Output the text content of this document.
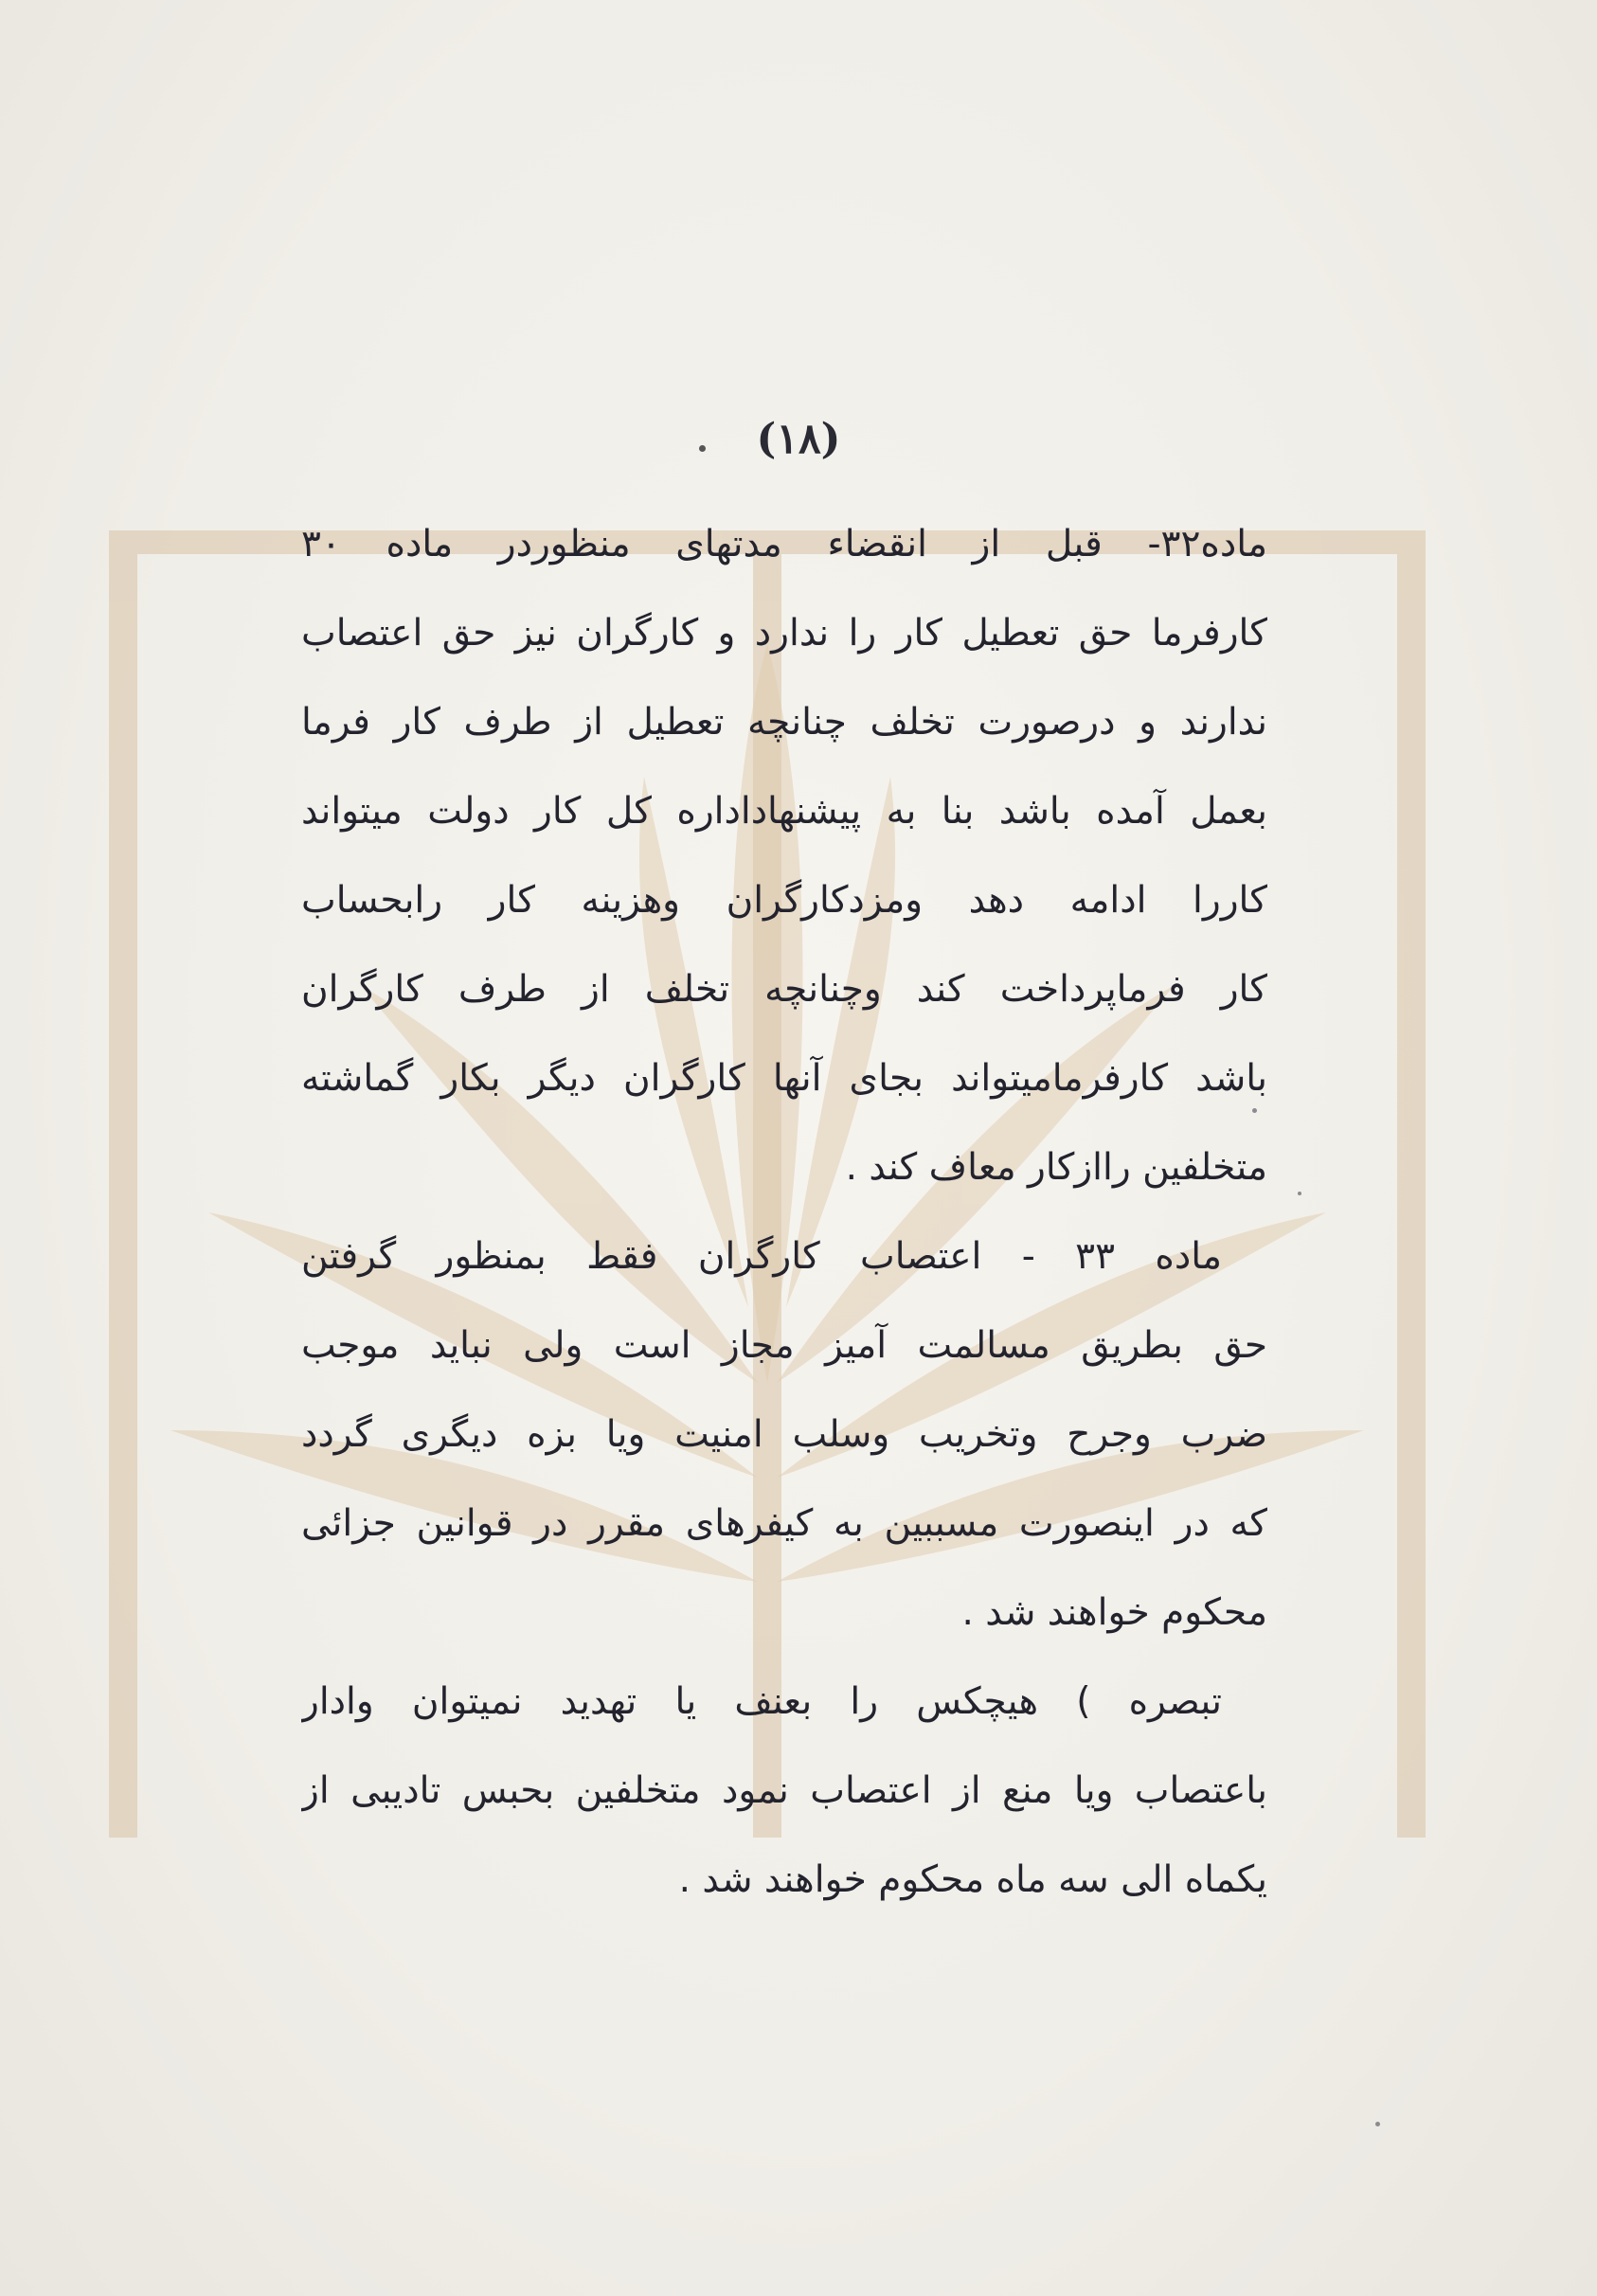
(۱۸)
ماده۳۲- قبل از انقضاء مدتهای منظوردر ماده ۳۰
کارفرما حق تعطیل کار را ندارد و کارگران نیز حق اعتصاب
ندارند و درصورت تخلف چنانچه تعطیل از طرف کار فرما
بعمل آمده باشد بنا به پیشنهاداداره کل کار دولت میتواند
کاررا ادامه دهد ومزدکارگران وهزینه کار رابحساب
کار فرماپرداخت کند وچنانچه تخلف از طرف کارگران
باشد کارفرمامیتواند بجای آنها کارگران دیگر بکار گماشته
متخلفین راازکار معاف کند .
ماده ۳۳ - اعتصاب کارگران فقط بمنظور گرفتن
حق بطریق مسالمت آمیز مجاز است ولی نباید موجب
ضرب وجرح وتخریب وسلب امنیت ویا بزه دیگری گردد
که در اینصورت مسببین به کیفرهای مقرر در قوانین جزائی
محکوم خواهند شد .
تبصره ) هیچکس را بعنف یا تهدید نمیتوان وادار
باعتصاب ویا منع از اعتصاب نمود متخلفین بحبس تادیبی از
یکماه الی سه ماه محکوم خواهند شد .
